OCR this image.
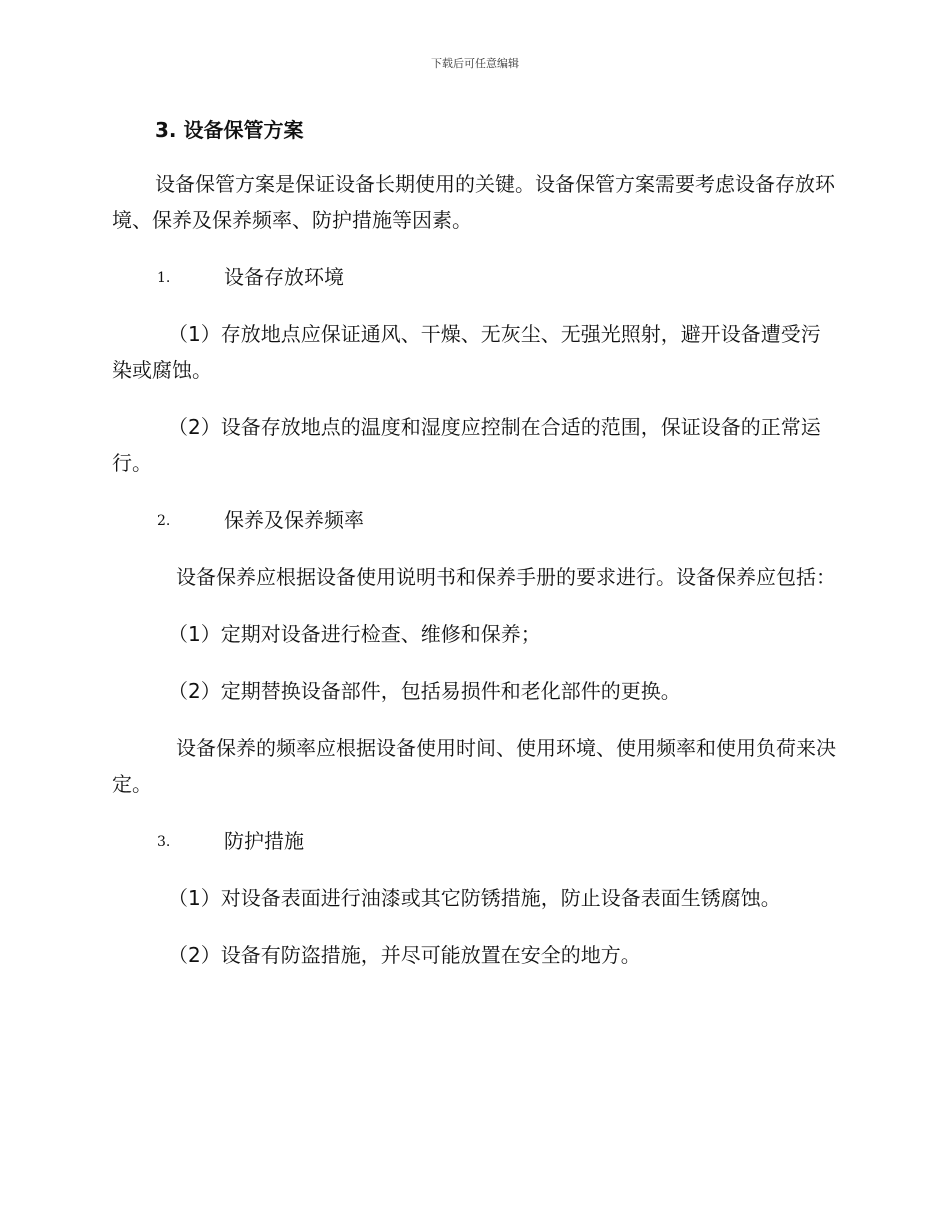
下载后可任意编辑
3. 设备保管方案

设备保管方案是保证设备长期使用的关键。设备保管方案需要考虑设备存放环境、保养及保养频率、防护措施等因素。

1.	设备存放环境

（1）存放地点应保证通风、干燥、无灰尘、无强光照射，避开设备遭受污染或腐蚀。

（2）设备存放地点的温度和湿度应控制在合适的范围，保证设备的正常运行。

2.	保养及保养频率

设备保养应根据设备使用说明书和保养手册的要求进行。设备保养应包括：

（1）定期对设备进行检查、维修和保养；

（2）定期替换设备部件，包括易损件和老化部件的更换。

设备保养的频率应根据设备使用时间、使用环境、使用频率和使用负荷来决定。

3.	防护措施

（1）对设备表面进行油漆或其它防锈措施，防止设备表面生锈腐蚀。

（2）设备有防盗措施，并尽可能放置在安全的地方。
